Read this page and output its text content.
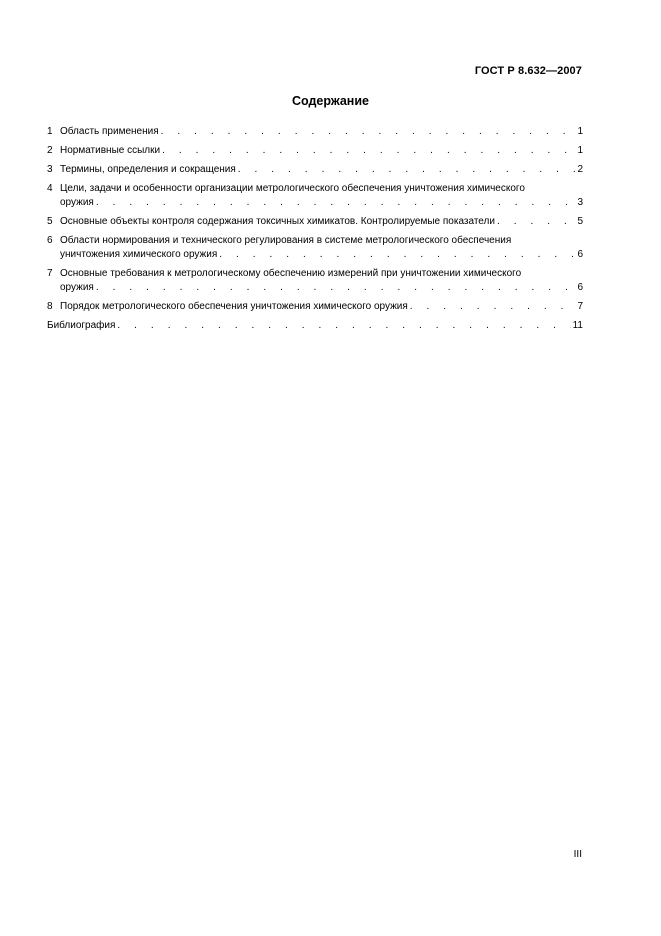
ГОСТ Р 8.632—2007
Содержание
1 Область применения . . .	1
2 Нормативные ссылки . . .	1
3 Термины, определения и сокращения . . .	2
4 Цели, задачи и особенности организации метрологического обеспечения уничтожения химического
оружия . . .	3
5 Основные объекты контроля содержания токсичных химикатов. Контролируемые показатели . . .	5
6 Области нормирования и технического регулирования в системе метрологического обеспечения
уничтожения химического оружия . . .	6
7 Основные требования к метрологическому обеспечению измерений при уничтожении химического
оружия . . .	6
8 Порядок метрологического обеспечения уничтожения химического оружия . . .	7
Библиография . . .	11
III
